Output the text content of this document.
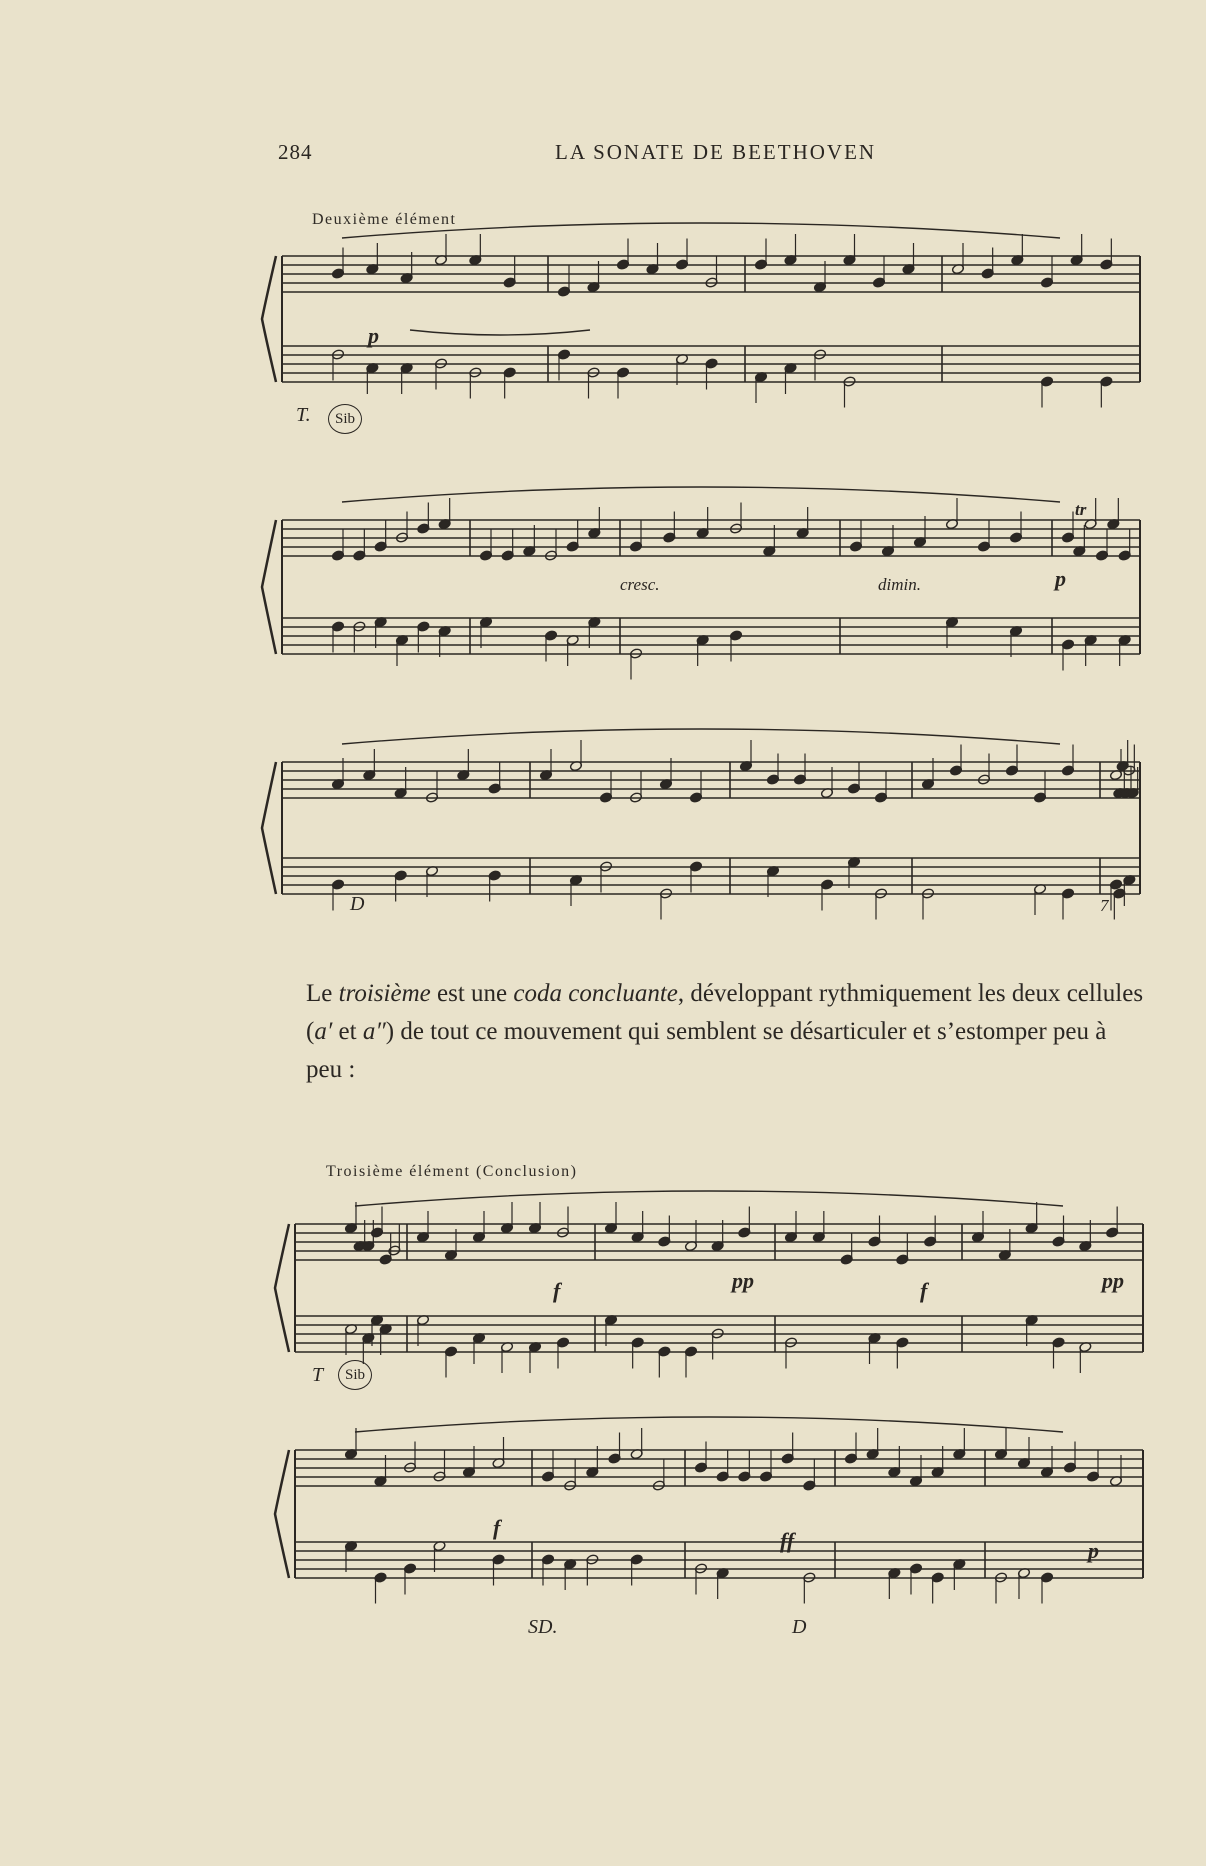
284	LA SONATE DE BEETHOVEN
Deuxième élément
p
T.	Sib
cresc.	dimin.	p
tr
D	7

Le troisième est une coda concluante, développant rythmiquement les deux cellules (a′ et a″) de tout ce mouvement qui semblent se désarticuler et s’estomper peu à peu :

Troisième élément (Conclusion)
f	pp	f	pp
T	Sib
f
ff	p
SD.	D
